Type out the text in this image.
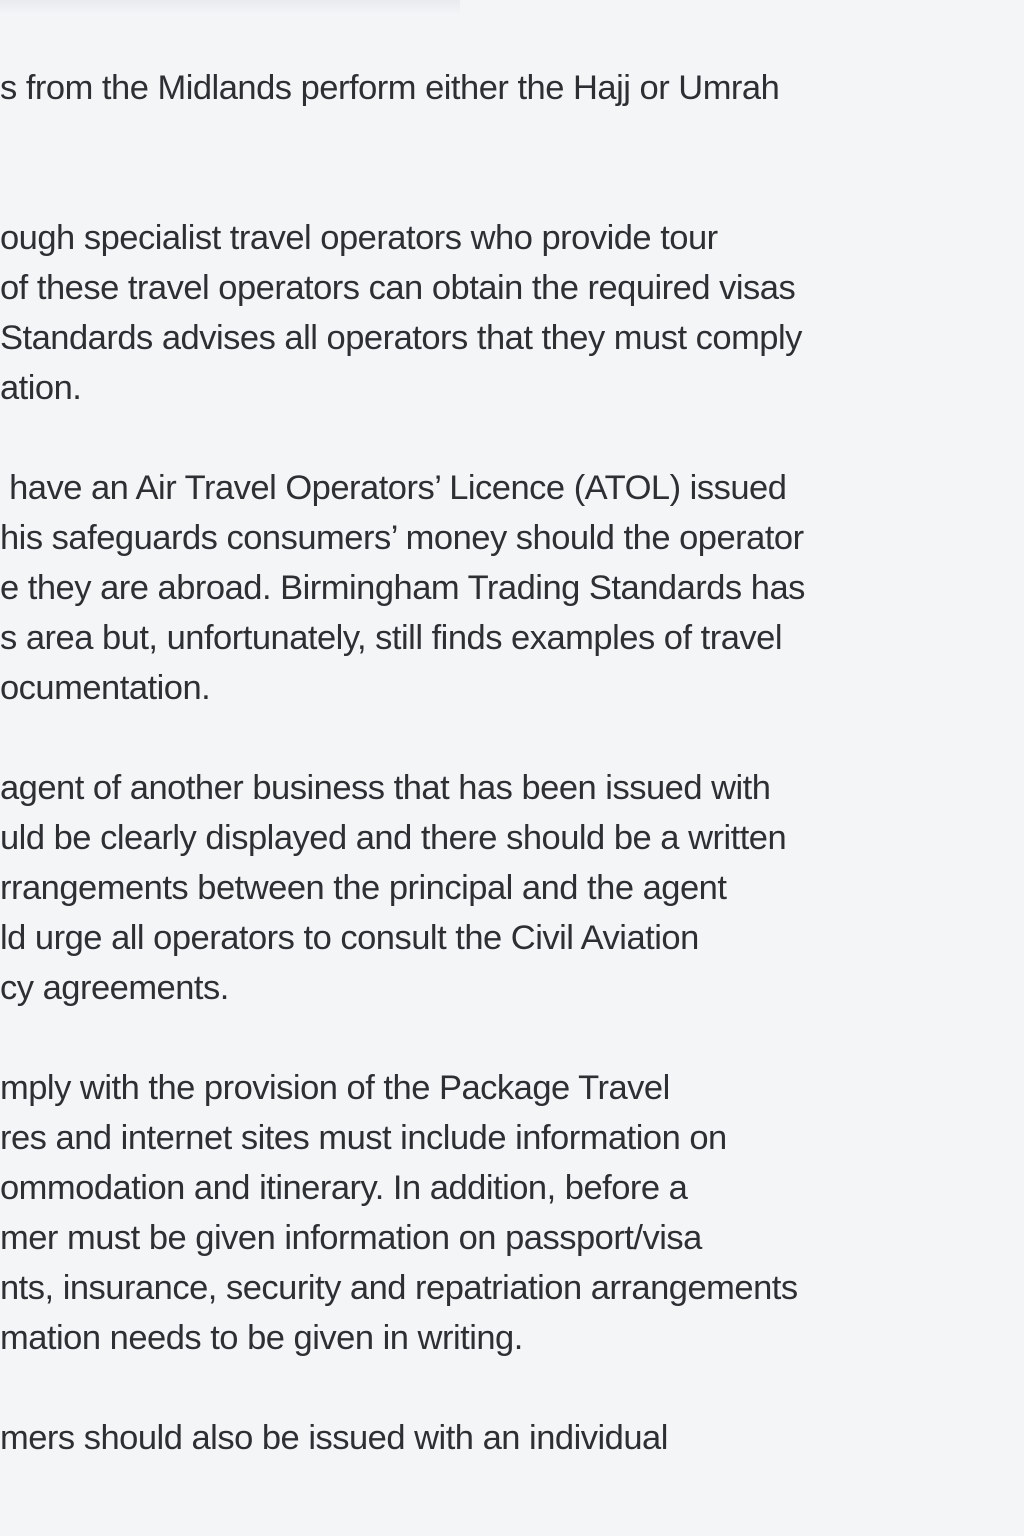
s from the Midlands perform either the Hajj or Umrah
ough specialist travel operators who provide tour
of these travel operators can obtain the required visas
Standards advises all operators that they must comply
ation.
have an Air Travel Operators’ Licence (ATOL) issued
his safeguards consumers’ money should the operator
e they are abroad. Birmingham Trading Standards has
s area but, unfortunately, still finds examples of travel
ocumentation.
agent of another business that has been issued with
uld be clearly displayed and there should be a written
rrangements between the principal and the agent
ld urge all operators to consult the Civil Aviation
cy agreements.
mply with the provision of the Package Travel
res and internet sites must include information on
ommodation and itinerary. In addition, before a
mer must be given information on passport/visa
nts, insurance, security and repatriation arrangements
mation needs to be given in writing.
mers should also be issued with an individual
